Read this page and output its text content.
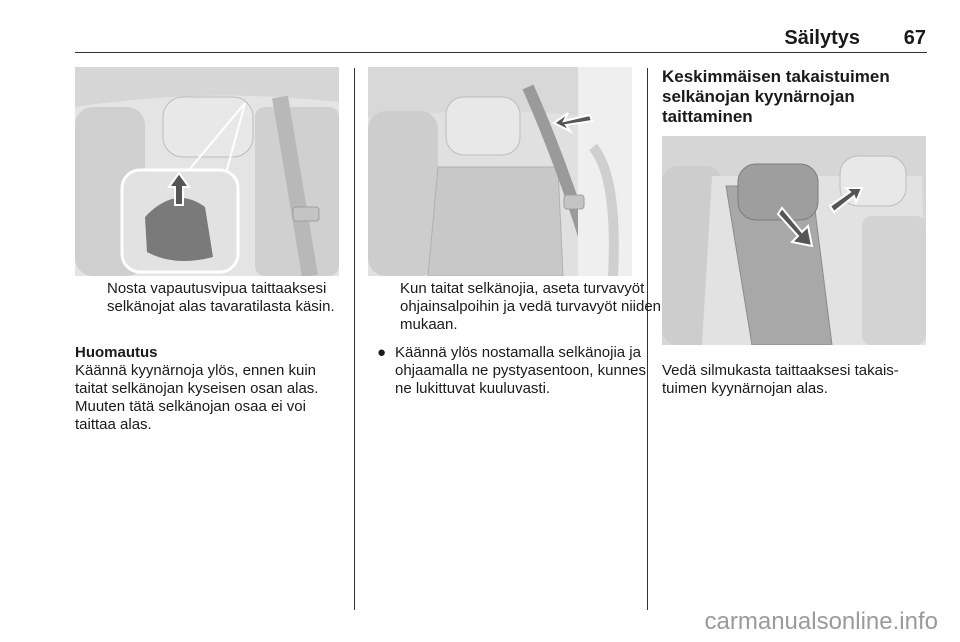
Säilytys	67
Nosta vapautusvipua taittaaksesi selkänojat alas tavaratilasta käsin.
Huomautus
Käännä kyynärnoja ylös, ennen kuin taitat selkänojan kyseisen osan alas. Muuten tätä selkänojan osaa ei voi taittaa alas.
Kun taitat selkänojia, aseta turvavyöt ohjainsalpoihin ja vedä turvavyöt niiden mukaan.
● Käännä ylös nostamalla selkänojia ja ohjaamalla ne pystyasentoon, kunnes ne lukittuvat kuuluvasti.
Keskimmäisen takaistuimen selkänojan kyynärnojan taittaminen
Vedä silmukasta taittaaksesi takaistuimen kyynärnojan alas.
carmanualsonline.info
